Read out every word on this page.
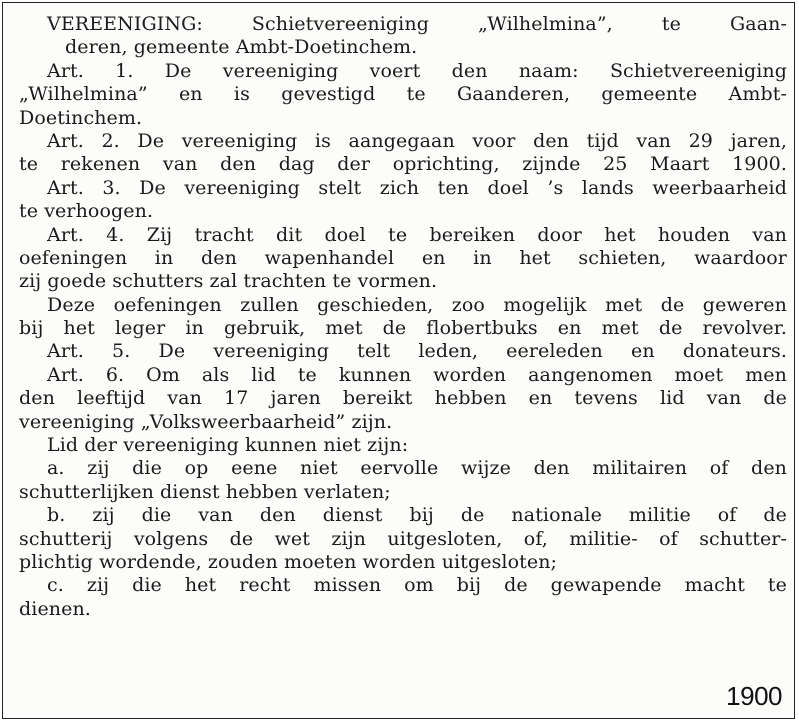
VEREENIGING: Schietvereeniging „Wilhelmina”, te Gaan-
deren, gemeente Ambt-Doetinchem.
Art. 1. De vereeniging voert den naam: Schietvereeniging
„Wilhelmina” en is gevestigd te Gaanderen, gemeente Ambt-
Doetinchem.
Art. 2. De vereeniging is aangegaan voor den tijd van 29 jaren,
te rekenen van den dag der oprichting, zijnde 25 Maart 1900.
Art. 3. De vereeniging stelt zich ten doel ’s lands weerbaarheid
te verhoogen.
Art. 4. Zij tracht dit doel te bereiken door het houden van
oefeningen in den wapenhandel en in het schieten, waardoor
zij goede schutters zal trachten te vormen.
Deze oefeningen zullen geschieden, zoo mogelijk met de geweren
bij het leger in gebruik, met de flobertbuks en met de revolver.
Art. 5. De vereeniging telt leden, eereleden en donateurs.
Art. 6. Om als lid te kunnen worden aangenomen moet men
den leeftijd van 17 jaren bereikt hebben en tevens lid van de
vereeniging „Volksweerbaarheid” zijn.
Lid der vereeniging kunnen niet zijn:
a. zij die op eene niet eervolle wijze den militairen of den
schutterlijken dienst hebben verlaten;
b. zij die van den dienst bij de nationale militie of de
schutterij volgens de wet zijn uitgesloten, of, militie- of schutter-
plichtig wordende, zouden moeten worden uitgesloten;
c. zij die het recht missen om bij de gewapende macht te
dienen.
1900
